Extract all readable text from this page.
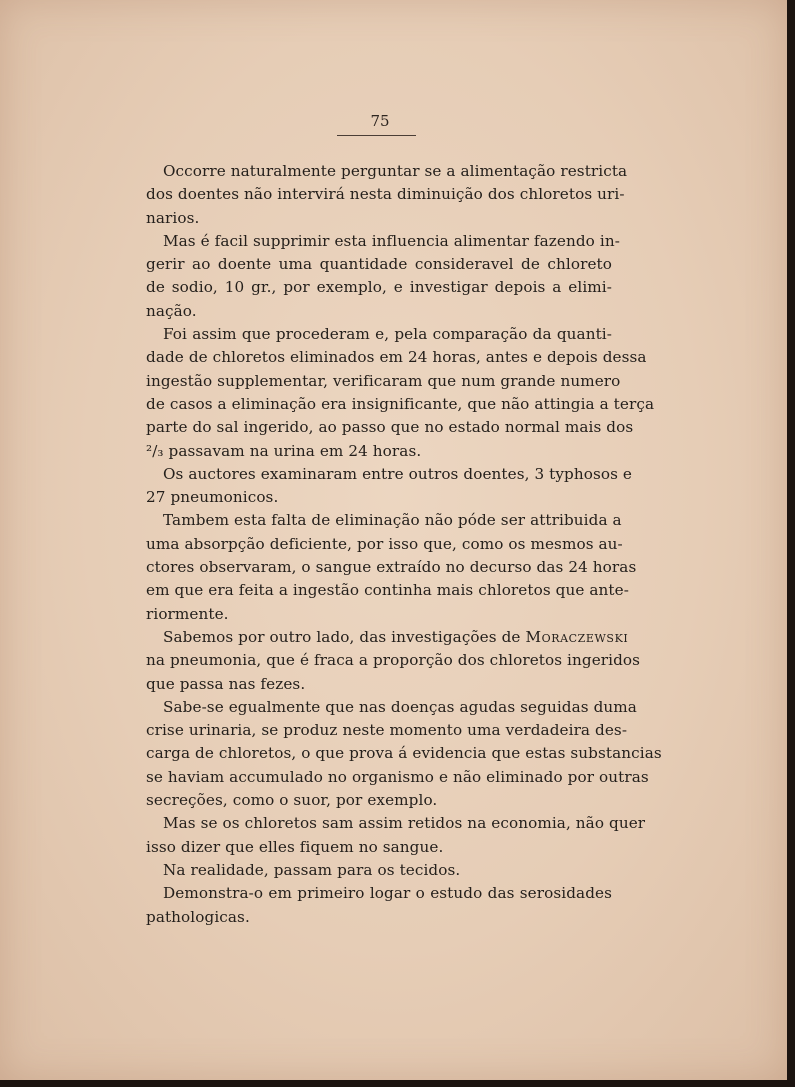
75
Occorre naturalmente perguntar se a alimentação restricta
dos doentes não intervirá nesta diminuição dos chloretos uri-
narios.
Mas é facil supprimir esta influencia alimentar fazendo in-
gerir ao doente uma quantidade consideravel de chloreto
de sodio, 10 gr., por exemplo, e investigar depois a elimi-
nação.
Foi assim que procederam e, pela comparação da quanti-
dade de chloretos eliminados em 24 horas, antes e depois dessa
ingestão supplementar, verificaram que num grande numero
de casos a eliminação era insignificante, que não attingia a terça
parte do sal ingerido, ao passo que no estado normal mais dos
²/₃ passavam na urina em 24 horas.
Os auctores examinaram entre outros doentes, 3 typhosos e
27 pneumonicos.
Tambem esta falta de eliminação não póde ser attribuida a
uma absorpção deficiente, por isso que, como os mesmos au-
ctores observaram, o sangue extraído no decurso das 24 horas
em que era feita a ingestão continha mais chloretos que ante-
riormente.
Sabemos por outro lado, das investigações de Moraczewski
na pneumonia, que é fraca a proporção dos chloretos ingeridos
que passa nas fezes.
Sabe-se egualmente que nas doenças agudas seguidas duma
crise urinaria, se produz neste momento uma verdadeira des-
carga de chloretos, o que prova á evidencia que estas substancias
se haviam accumulado no organismo e não eliminado por outras
secreções, como o suor, por exemplo.
Mas se os chloretos sam assim retidos na economia, não quer
isso dizer que elles fiquem no sangue.
Na realidade, passam para os tecidos.
Demonstra-o em primeiro logar o estudo das serosidades
pathologicas.
